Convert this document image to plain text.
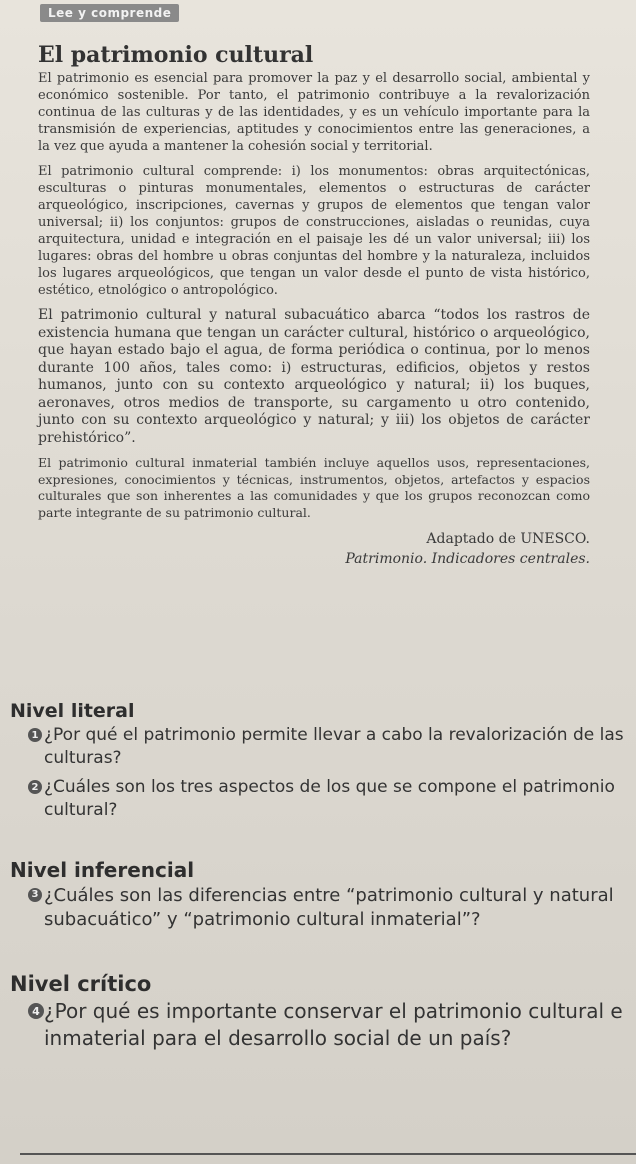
Lee y comprende
El patrimonio cultural

El patrimonio es esencial para promover la paz y el desarrollo social, ambiental y económico sostenible. Por tanto, el patrimonio contribuye a la revalorización continua de las culturas y de las identidades, y es un vehículo importante para la transmisión de experiencias, aptitudes y conocimientos entre las generaciones, a la vez que ayuda a mantener la cohesión social y territorial.

El patrimonio cultural comprende: i) los monumentos: obras arquitectónicas, esculturas o pinturas monumentales, elementos o estructuras de carácter arqueológico, inscripciones, cavernas y grupos de elementos que tengan valor universal; ii) los conjuntos: grupos de construcciones, aisladas o reunidas, cuya arquitectura, unidad e integración en el paisaje les dé un valor universal; iii) los lugares: obras del hombre u obras conjuntas del hombre y la naturaleza, incluidos los lugares arqueológicos, que tengan un valor desde el punto de vista histórico, estético, etnológico o antropológico.

El patrimonio cultural y natural subacuático abarca “todos los rastros de existencia humana que tengan un carácter cultural, histórico o arqueológico, que hayan estado bajo el agua, de forma periódica o continua, por lo menos durante 100 años, tales como: i) estructuras, edificios, objetos y restos humanos, junto con su contexto arqueológico y natural; ii) los buques, aeronaves, otros medios de transporte, su cargamento u otro contenido, junto con su contexto arqueológico y natural; y iii) los objetos de carácter prehistórico”.

El patrimonio cultural inmaterial también incluye aquellos usos, representaciones, expresiones, conocimientos y técnicas, instrumentos, objetos, artefactos y espacios culturales que son inherentes a las comunidades y que los grupos reconozcan como parte integrante de su patrimonio cultural.

Adaptado de UNESCO.
Patrimonio. Indicadores centrales.
Nivel literal
1 ¿Por qué el patrimonio permite llevar a cabo la revalorización de las culturas?
2 ¿Cuáles son los tres aspectos de los que se compone el patrimonio cultural?
Nivel inferencial
3 ¿Cuáles son las diferencias entre “patrimonio cultural y natural subacuático” y “patrimonio cultural inmaterial”?
Nivel crítico
4 ¿Por qué es importante conservar el patrimonio cultural e inmaterial para el desarrollo social de un país?
